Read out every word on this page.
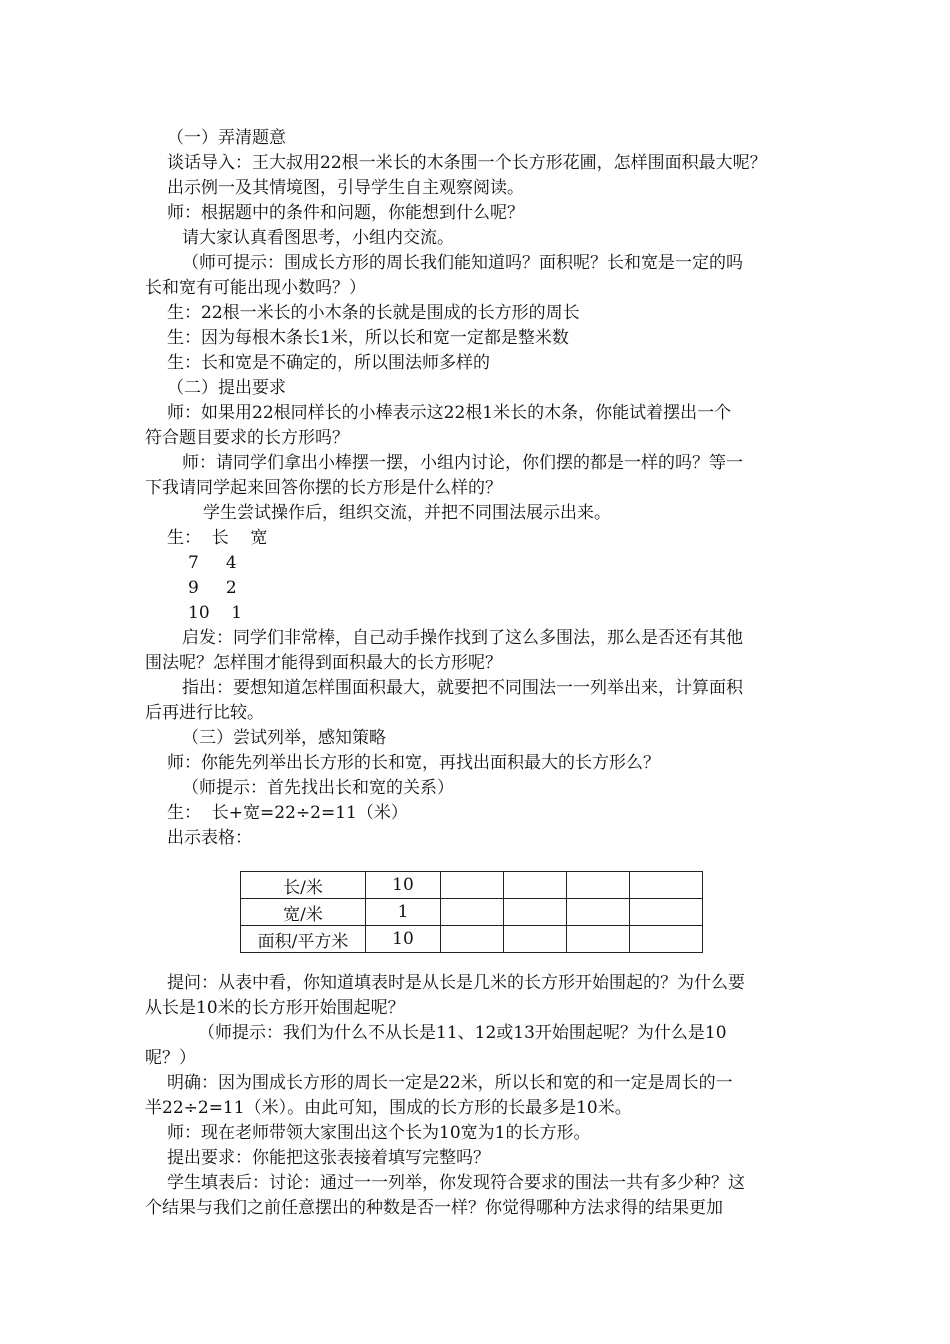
（一）弄清题意
谈话导入：王大叔用22根一米长的木条围一个长方形花圃，怎样围面积最大呢？
出示例一及其情境图，引导学生自主观察阅读。
师：根据题中的条件和问题，你能想到什么呢？
请大家认真看图思考，小组内交流。
（师可提示：围成长方形的周长我们能知道吗？面积呢？长和宽是一定的吗
长和宽有可能出现小数吗？）
生：22根一米长的小木条的长就是围成的长方形的周长
生：因为每根木条长1米，所以长和宽一定都是整米数
生：长和宽是不确定的，所以围法师多样的
（二）提出要求
师：如果用22根同样长的小棒表示这22根1米长的木条，你能试着摆出一个
符合题目要求的长方形吗？
师：请同学们拿出小棒摆一摆，小组内讨论，你们摆的都是一样的吗？等一
下我请同学起来回答你摆的长方形是什么样的？
学生尝试操作后，组织交流，并把不同围法展示出来。
生：  长    宽
7     4
9     2
10    1
启发：同学们非常棒，自己动手操作找到了这么多围法，那么是否还有其他
围法呢？怎样围才能得到面积最大的长方形呢？
指出：要想知道怎样围面积最大，就要把不同围法一一列举出来，计算面积
后再进行比较。
（三）尝试列举，感知策略
师：你能先列举出长方形的长和宽，再找出面积最大的长方形么？
（师提示：首先找出长和宽的关系）
生：  长+宽=22÷2=11（米）
出示表格：
长/米	10				
宽/米	1				
面积/平方米	10				
提问：从表中看，你知道填表时是从长是几米的长方形开始围起的？为什么要
从长是10米的长方形开始围起呢？
（师提示：我们为什么不从长是11、12或13开始围起呢？为什么是10
呢？）
明确：因为围成长方形的周长一定是22米，所以长和宽的和一定是周长的一
半22÷2=11（米）。由此可知，围成的长方形的长最多是10米。
师：现在老师带领大家围出这个长为10宽为1的长方形。
提出要求：你能把这张表接着填写完整吗？
学生填表后：讨论：通过一一列举，你发现符合要求的围法一共有多少种？这
个结果与我们之前任意摆出的种数是否一样？你觉得哪种方法求得的结果更加
